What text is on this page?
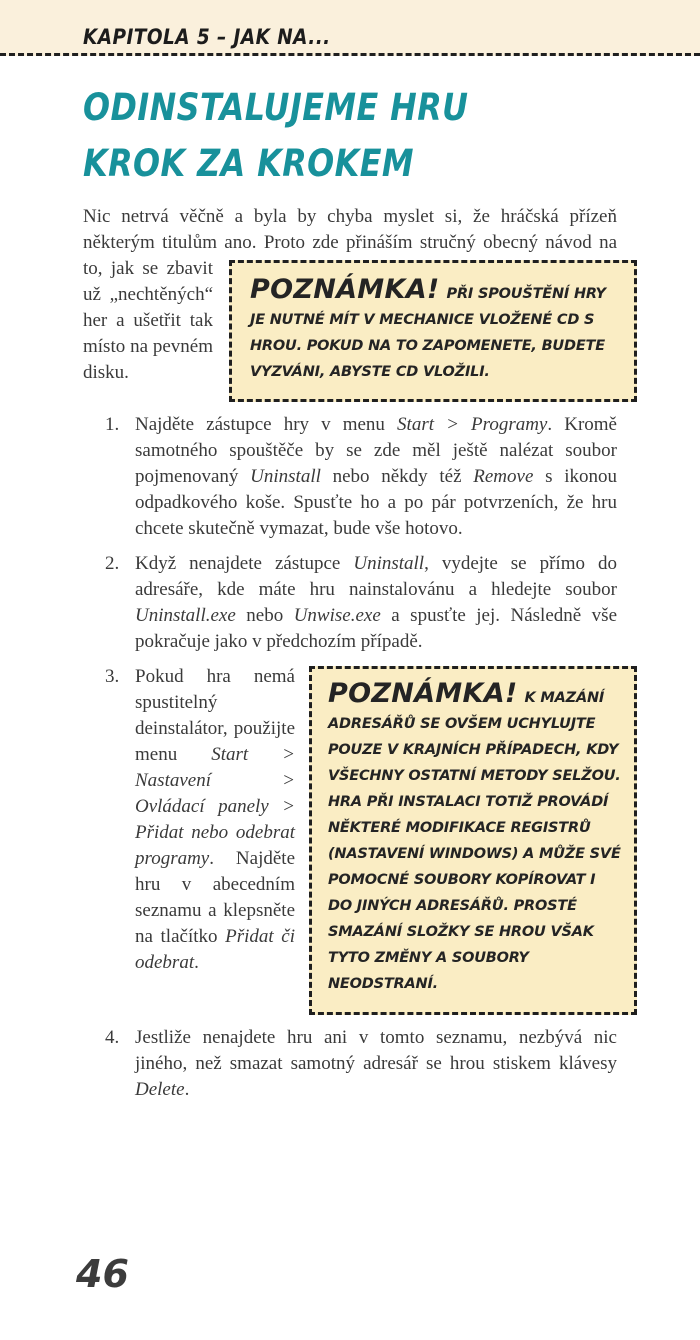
KAPITOLA 5 – JAK NA...
ODINSTALUJEME HRU
KROK ZA KROKEM

Nic netrvá věčně a byla by chyba myslet si, že hráčská přízeň některým titulům ano. Proto zde přináším
POZNÁMKA! PŘI SPOUŠTĚNÍ HRY JE NUTNÉ MÍT V MECHANICE VLOŽENÉ CD S HROU. POKUD NA TO ZAPOMENETE, BUDETE VYZVÁNI, ABYSTE CD VLOŽILI.
stručný obecný návod na to, jak se zbavit už „nechtěných“ her a ušetřit tak místo na pevném disku.

1. Najděte zástupce hry v menu Start > Programy. Kromě samotného spouštěče by se zde měl ještě nalézat soubor pojmenovaný Uninstall nebo někdy též Remove s ikonou odpadkového koše. Spusťte ho a po pár potvrzeních, že hru chcete skutečně vymazat, bude vše hotovo.
2. Když nenajdete zástupce Uninstall, vydejte se přímo do adresáře, kde máte hru nainstalovánu a hledejte soubor Uninstall.exe nebo Unwise.exe a spusťte jej. Následně vše pokračuje jako v předchozím případě.
3.
POZNÁMKA! K MAZÁNÍ ADRESÁŘŮ SE OVŠEM UCHYLUJTE POUZE V KRAJNÍCH PŘÍPADECH, KDY VŠECHNY OSTATNÍ METODY SELŽOU. HRA PŘI INSTALACI TOTIŽ PROVÁDÍ NĚKTERÉ MODIFIKACE REGISTRŮ (NASTAVENÍ WINDOWS) A MŮŽE SVÉ POMOCNÉ SOUBORY KOPÍROVAT I DO JINÝCH ADRESÁŘŮ. PROSTÉ SMAZÁNÍ SLOŽKY SE HROU VŠAK TYTO ZMĚNY A SOUBORY NEODSTRANÍ.
Pokud hra nemá spustitelný deinstalátor, použijte menu Start > Nastavení > Ovládací panely > Přidat nebo odebrat programy. Najděte hru v abecedním seznamu a klepsněte na tlačítko Přidat či odebrat.
4. Jestliže nenajdete hru ani v tomto seznamu, nezbývá nic jiného, než smazat samotný adresář se hrou stiskem klávesy Delete.
46
